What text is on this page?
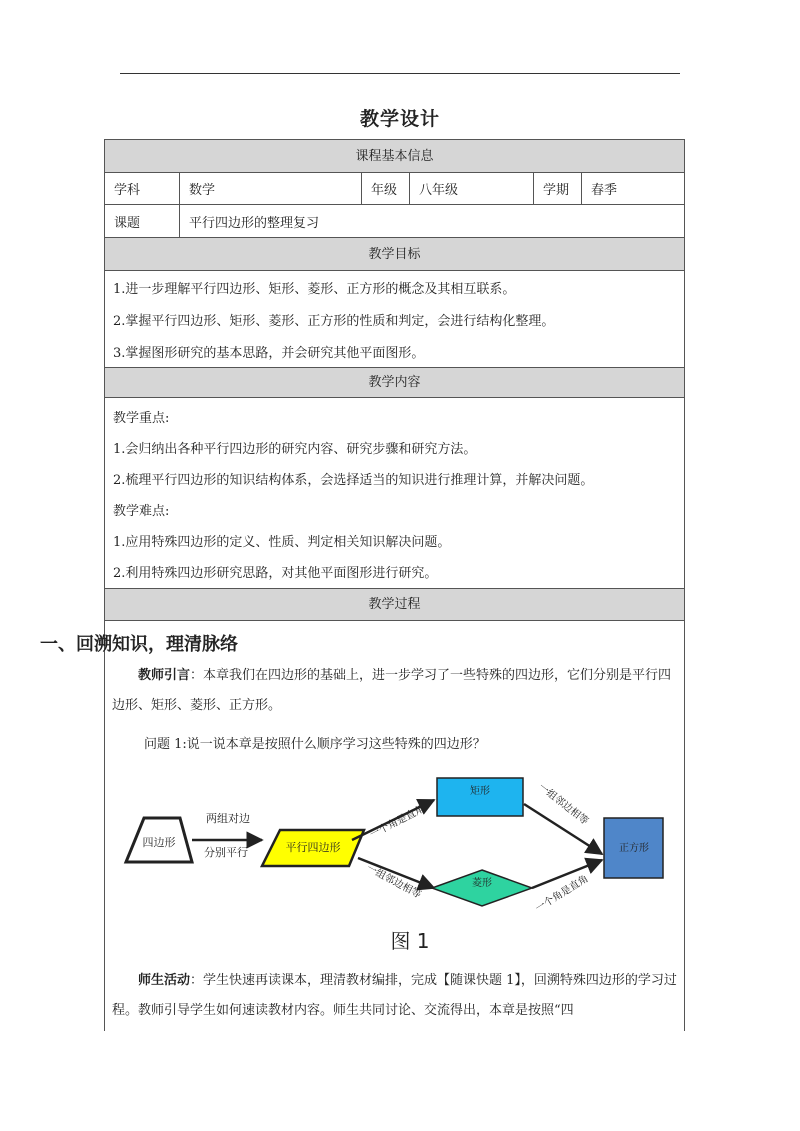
教学设计
课程基本信息
学科	数学	年级	八年级	学期	春季
课题	平行四边形的整理复习
教学目标
1.进一步理解平行四边形、矩形、菱形、正方形的概念及其相互联系。
2.掌握平行四边形、矩形、菱形、正方形的性质和判定，会进行结构化整理。
3.掌握图形研究的基本思路，并会研究其他平面图形。
教学内容
教学重点:
1.会归纳出各种平行四边形的研究内容、研究步骤和研究方法。
2.梳理平行四边形的知识结构体系，会选择适当的知识进行推理计算，并解决问题。
教学难点:
1.应用特殊四边形的定义、性质、判定相关知识解决问题。
2.利用特殊四边形研究思路，对其他平面图形进行研究。
教学过程
一、回溯知识，理清脉络
教师引言：本章我们在四边形的基础上，进一步学习了一些特殊的四边形，它们分别是平行四边形、矩形、菱形、正方形。
问题 1:说一说本章是按照什么顺序学习这些特殊的四边形？
四边形
两组对边
分别平行	平行四边形
一个角是直角
矩形
一组邻边相等	菱形
一组邻边相等
一个角是直角
正方形
图 1
师生活动：学生快速再读课本，理清教材编排，完成【随课快题 1】，回溯特殊四边形的学习过程。教师引导学生如何速读教材内容。师生共同讨论、交流得出，本章是按照“四
